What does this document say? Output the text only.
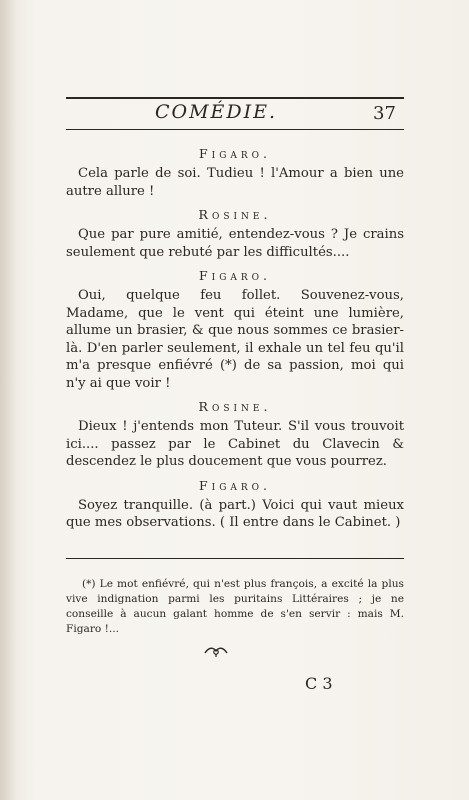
COMÉDIE.	37
Figaro.

Cela parle de soi. Tudieu ! l'Amour a bien une autre allure !

Rosine.

Que par pure amitié, entendez-vous ? Je crains seulement que rebuté par les difficultés....

Figaro.

Oui, quelque feu follet. Souvenez-vous, Madame, que le vent qui éteint une lumière, allume un brasier, & que nous sommes ce brasier-là. D'en parler seulement, il exhale un tel feu qu'il m'a presque enfiévré (*) de sa passion, moi qui n'y ai que voir !

Rosine.

Dieux ! j'entends mon Tuteur. S'il vous trouvoit ici.... passez par le Cabinet du Clavecin & descendez le plus doucement que vous pourrez.

Figaro.

Soyez tranquille. (à part.) Voici qui vaut mieux que mes observations. ( Il entre dans le Cabinet. )

(*) Le mot enfiévré, qui n'est plus françois, a excité la plus vive indignation parmi les puritains Littéraires ; je ne conseille à aucun galant homme de s'en servir : mais M. Figaro !...

C 3
